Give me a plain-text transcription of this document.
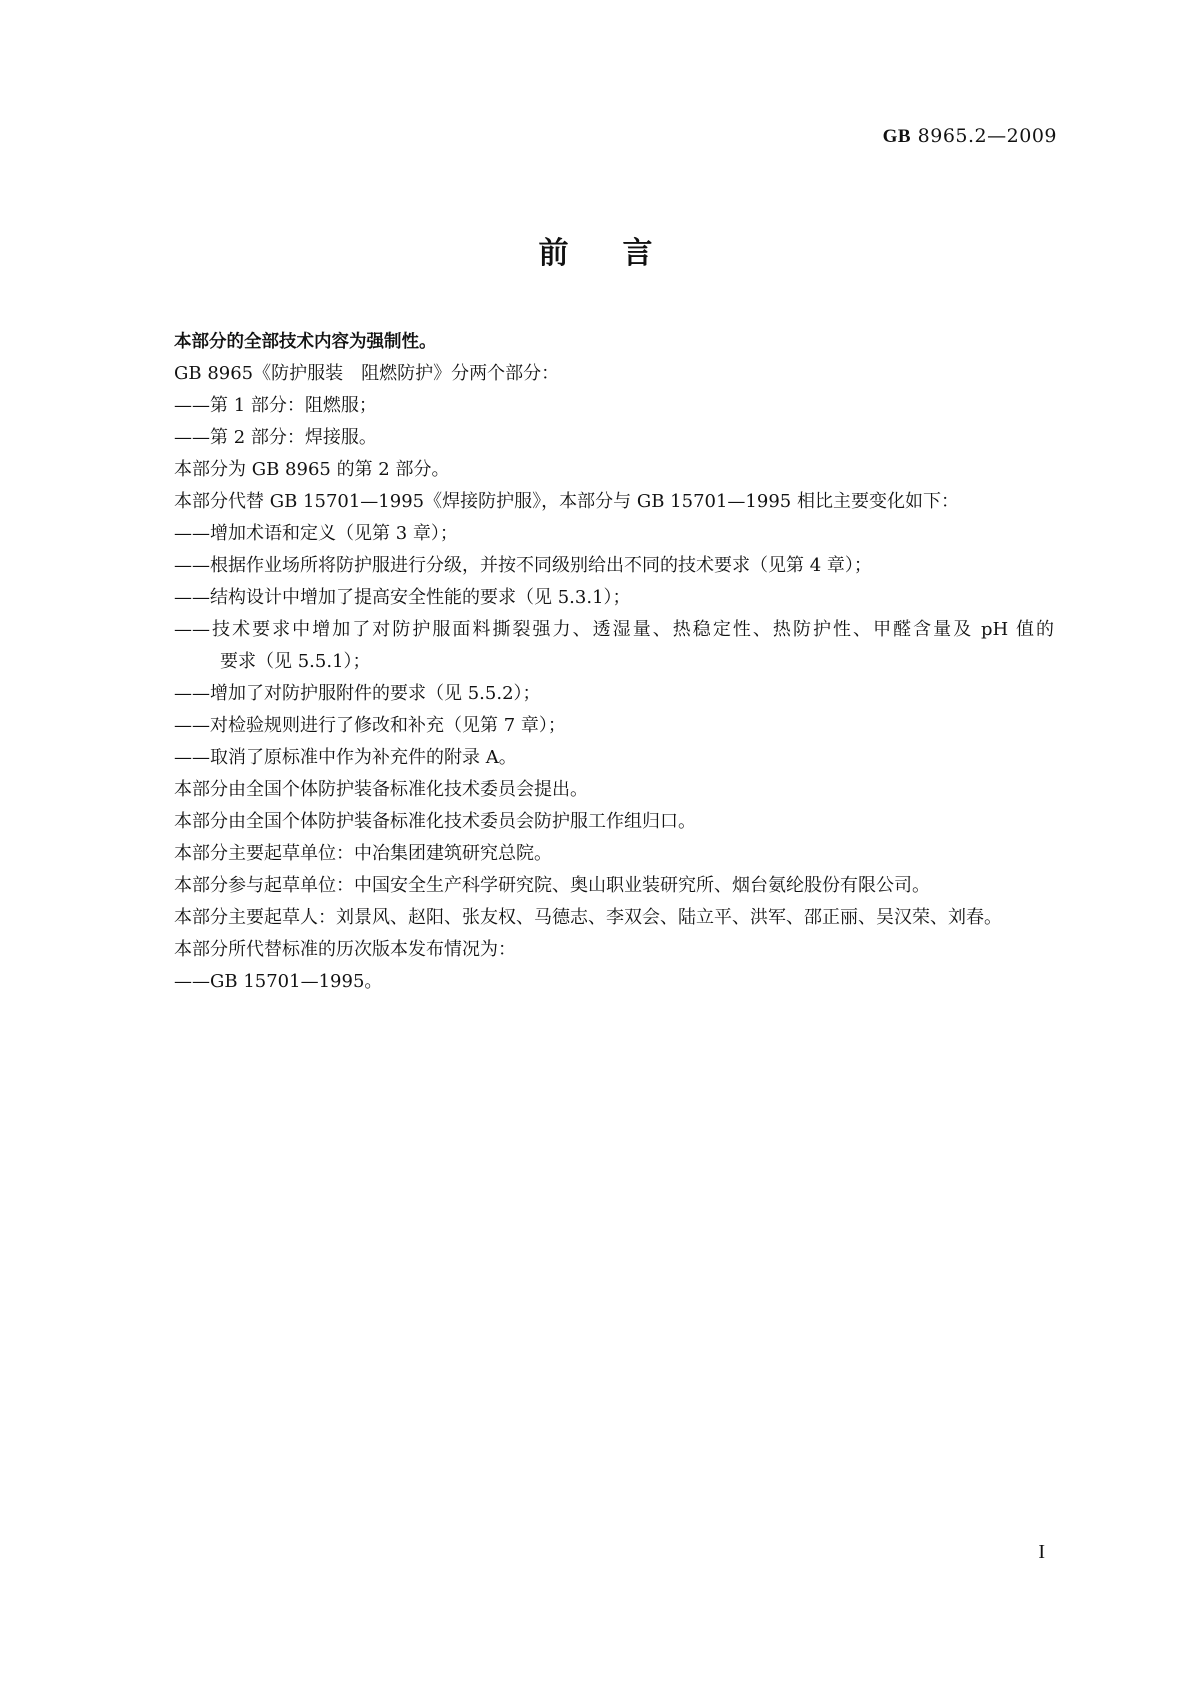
GB 8965.2—2009
前言
本部分的全部技术内容为强制性。
GB 8965《防护服装　阻燃防护》分两个部分：
——第 1 部分：阻燃服；
——第 2 部分：焊接服。
本部分为 GB 8965 的第 2 部分。
本部分代替 GB 15701—1995《焊接防护服》，本部分与 GB 15701—1995 相比主要变化如下：
——增加术语和定义（见第 3 章）；
——根据作业场所将防护服进行分级，并按不同级别给出不同的技术要求（见第 4 章）；
——结构设计中增加了提高安全性能的要求（见 5.3.1）；
——技术要求中增加了对防护服面料撕裂强力、透湿量、热稳定性、热防护性、甲醛含量及 pH 值的
要求（见 5.5.1）；
——增加了对防护服附件的要求（见 5.5.2）；
——对检验规则进行了修改和补充（见第 7 章）；
——取消了原标准中作为补充件的附录 A。
本部分由全国个体防护装备标准化技术委员会提出。
本部分由全国个体防护装备标准化技术委员会防护服工作组归口。
本部分主要起草单位：中冶集团建筑研究总院。
本部分参与起草单位：中国安全生产科学研究院、奥山职业装研究所、烟台氨纶股份有限公司。
本部分主要起草人：刘景风、赵阳、张友权、马德志、李双会、陆立平、洪军、邵正丽、吴汉荣、刘春。
本部分所代替标准的历次版本发布情况为：
——GB 15701—1995。
I
